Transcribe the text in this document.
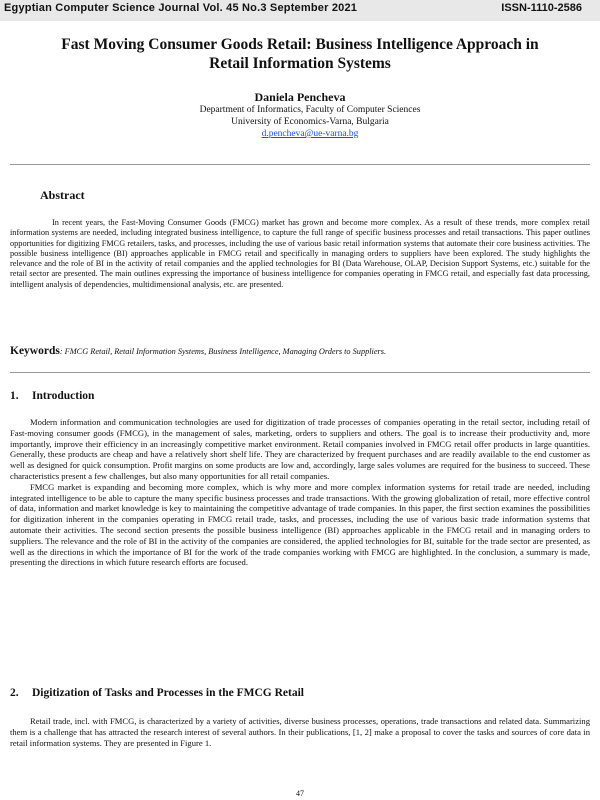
Egyptian Computer Science Journal Vol. 45 No.3 September 2021	ISSN-1110-2586
Fast Moving Consumer Goods Retail: Business Intelligence Approach in Retail Information Systems
Daniela Pencheva
Department of Informatics, Faculty of Computer Sciences
University of Economics-Varna, Bulgaria
d.pencheva@ue-varna.bg
Abstract
In recent years, the Fast-Moving Consumer Goods (FMCG) market has grown and become more complex. As a result of these trends, more complex retail information systems are needed, including integrated business intelligence, to capture the full range of specific business processes and retail transactions. This paper outlines opportunities for digitizing FMCG retailers, tasks, and processes, including the use of various basic retail information systems that automate their core business activities. The possible business intelligence (BI) approaches applicable in FMCG retail and specifically in managing orders to suppliers have been explored. The study highlights the relevance and the role of BI in the activity of retail companies and the applied technologies for BI (Data Warehouse, OLAP, Decision Support Systems, etc.) suitable for the retail sector are presented. The main outlines expressing the importance of business intelligence for companies operating in FMCG retail, and especially fast data processing, intelligent analysis of dependencies, multidimensional analysis, etc. are presented.
Keywords: FMCG Retail, Retail Information Systems, Business Intelligence, Managing Orders to Suppliers.
1. Introduction

Modern information and communication technologies are used for digitization of trade processes of companies operating in the retail sector, including retail of Fast-moving consumer goods (FMCG), in the management of sales, marketing, orders to suppliers and others. The goal is to increase their productivity and, more importantly, improve their efficiency in an increasingly competitive market environment. Retail companies involved in FMCG retail offer products in large quantities. Generally, these products are cheap and have a relatively short shelf life. They are characterized by frequent purchases and are readily available to the end customer as well as designed for quick consumption. Profit margins on some products are low and, accordingly, large sales volumes are required for the business to succeed. These characteristics present a few challenges, but also many opportunities for all retail companies.

FMCG market is expanding and becoming more complex, which is why more and more complex information systems for retail trade are needed, including integrated intelligence to be able to capture the many specific business processes and trade transactions. With the growing globalization of retail, more effective control of data, information and market knowledge is key to maintaining the competitive advantage of trade companies. In this paper, the first section examines the possibilities for digitization inherent in the companies operating in FMCG retail trade, tasks, and processes, including the use of various basic trade information systems that automate their activities. The second section presents the possible business intelligence (BI) approaches applicable in the FMCG retail and in managing orders to suppliers. The relevance and the role of BI in the activity of the companies are considered, the applied technologies for BI, suitable for the trade sector are presented, as well as the directions in which the importance of BI for the work of the trade companies working with FMCG are highlighted. In the conclusion, a summary is made, presenting the directions in which future research efforts are focused.

2. Digitization of Tasks and Processes in the FMCG Retail

Retail trade, incl. with FMCG, is characterized by a variety of activities, diverse business processes, operations, trade transactions and related data. Summarizing them is a challenge that has attracted the research interest of several authors. In their publications, [1, 2] make a proposal to cover the tasks and sources of core data in retail information systems. They are presented in Figure 1.

47
